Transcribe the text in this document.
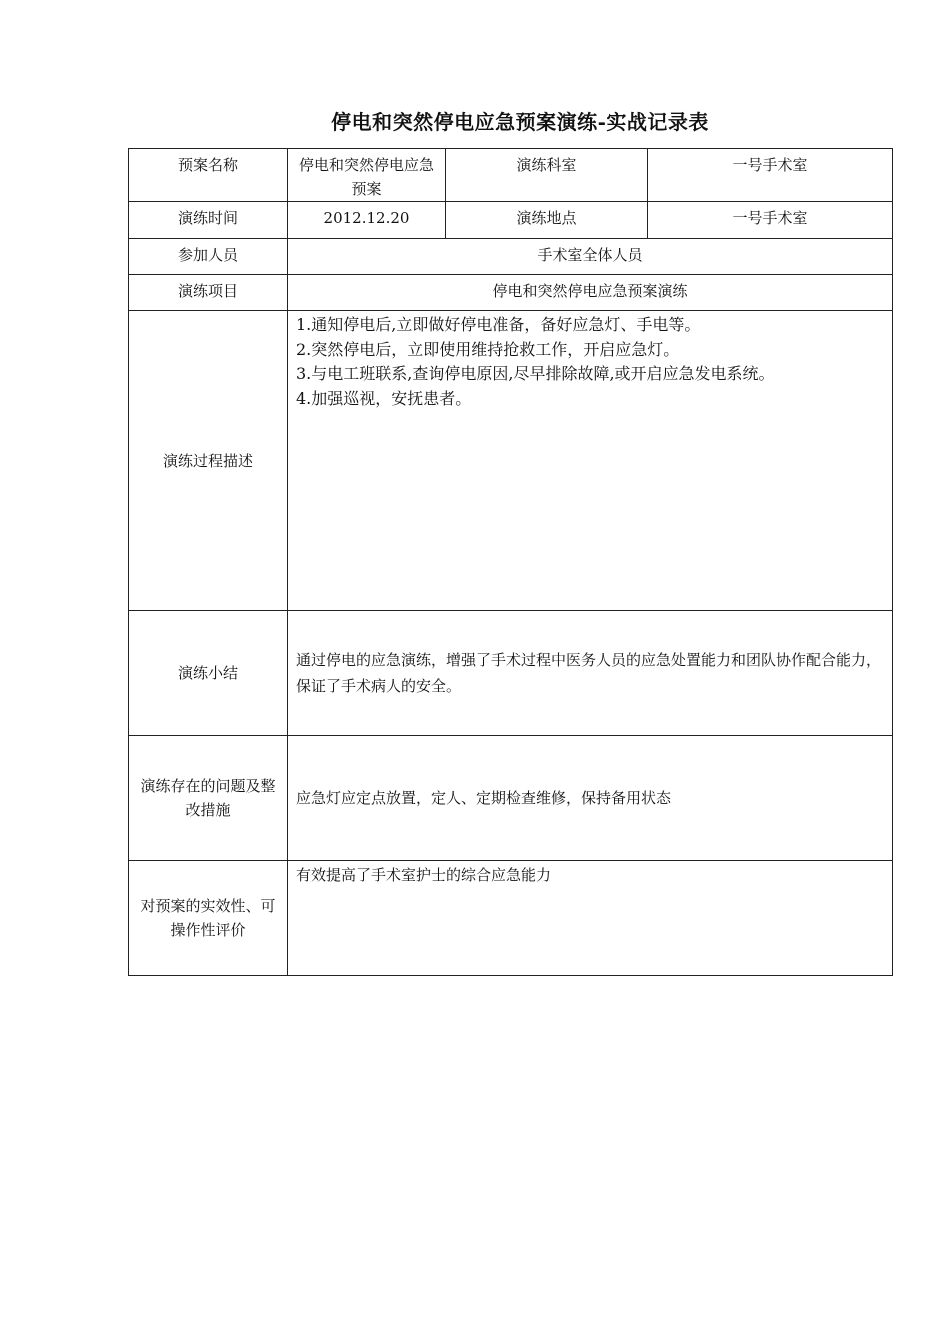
停电和突然停电应急预案演练-实战记录表
预案名称	停电和突然停电应急预案	演练科室	一号手术室
演练时间	2012.12.20	演练地点	一号手术室
参加人员	手术室全体人员		
演练项目	停电和突然停电应急预案演练		
演练过程描述	1.通知停电后,立即做好停电准备，备好应急灯、手电等。
2.突然停电后，立即使用维持抢救工作，开启应急灯。
3.与电工班联系,查询停电原因,尽早排除故障,或开启应急发电系统。
4.加强巡视，安抚患者。		

演练小结	通过停电的应急演练，增强了手术过程中医务人员的应急处置能力和团队协作配合能力，保证了手术病人的安全。		
演练存在的问题及整改措施	应急灯应定点放置，定人、定期检查维修，保持备用状态		
对预案的实效性、可操作性评价	有效提高了手术室护士的综合应急能力		
